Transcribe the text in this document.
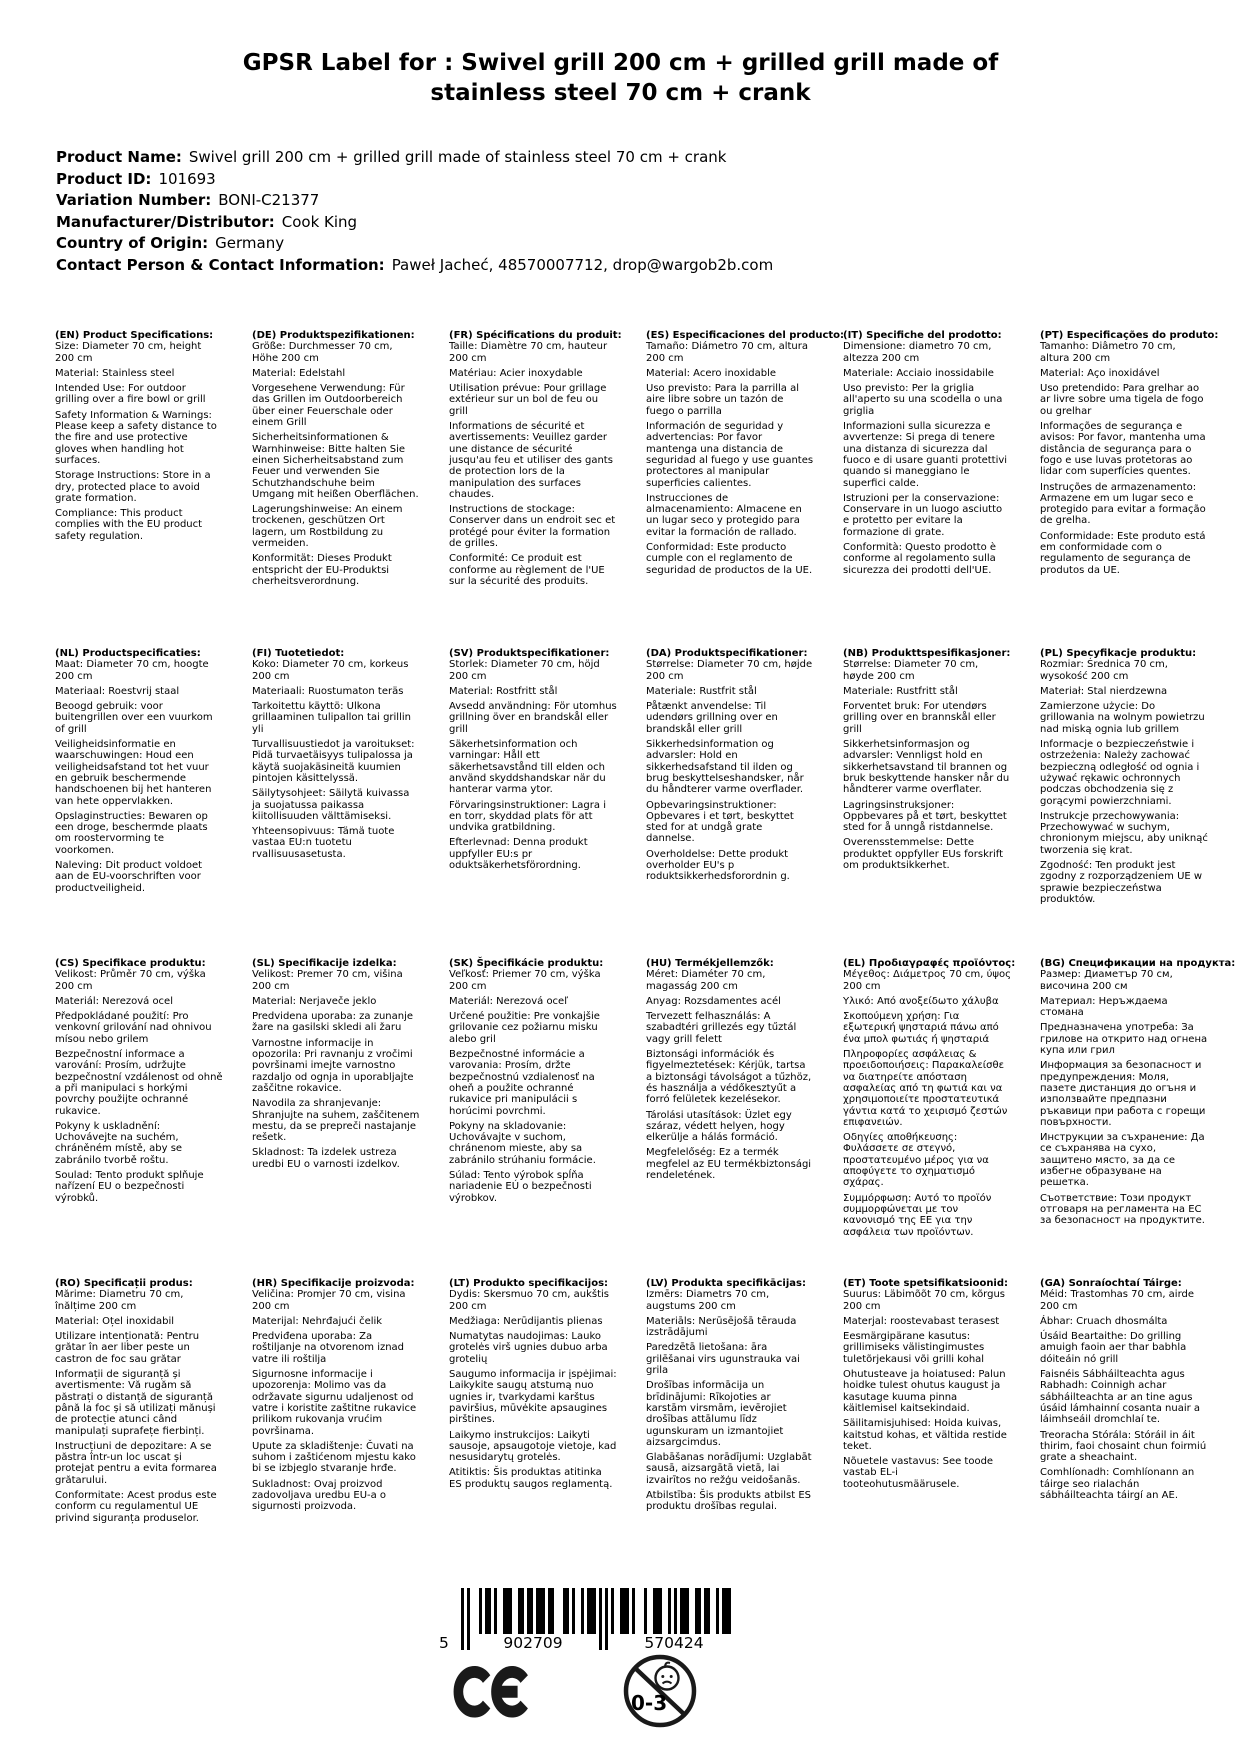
GPSR Label for : Swivel grill 200 cm + grilled grill made of stainless steel 70 cm + crank
Product Name: Swivel grill 200 cm + grilled grill made of stainless steel 70 cm + crank
Product ID: 101693
Variation Number: BONI-C21377
Manufacturer/Distributor: Cook King
Country of Origin: Germany
Contact Person & Contact Information: Paweł Jacheć, 48570007712, drop@wargob2b.com
(EN) Product Specifications:

Size: Diameter 70 cm, height 200 cm

Material: Stainless steel

Intended Use: For outdoor grilling over a fire bowl or grill

Safety Information & Warnings: Please keep a safety distance to the fire and use protective gloves when handling hot surfaces.

Storage Instructions: Store in a dry, protected place to avoid grate formation.

Compliance: This product complies with the EU product safety regulation.

(DE) Produktspezifikationen:

Größe: Durchmesser 70 cm, Höhe 200 cm

Material: Edelstahl

Vorgesehene Verwendung: Für das Grillen im Outdoorbereich über einer Feuerschale oder einem Grill

Sicherheitsinformationen & Warnhinweise: Bitte halten Sie einen Sicherheitsabstand zum Feuer und verwenden Sie Schutzhandschuhe beim Umgang mit heißen Oberflächen.

Lagerungshinweise: An einem trockenen, geschützen Ort lagern, um Rostbildung zu vermeiden.

Konformität: Dieses Produkt entspricht der EU-Produktsi cherheitsverordnung.

(FR) Spécifications du produit:

Taille: Diamètre 70 cm, hauteur 200 cm

Matériau: Acier inoxydable

Utilisation prévue: Pour grillage extérieur sur un bol de feu ou grill

Informations de sécurité et avertissements: Veuillez garder une distance de sécurité jusqu'au feu et utiliser des gants de protection lors de la manipulation des surfaces chaudes.

Instructions de stockage: Conserver dans un endroit sec et protégé pour éviter la formation de grilles.

Conformité: Ce produit est conforme au règlement de l'UE sur la sécurité des produits.

(ES) Especificaciones del producto:

Tamaño: Diámetro 70 cm, altura 200 cm

Material: Acero inoxidable

Uso previsto: Para la parrilla al aire libre sobre un tazón de fuego o parrilla

Información de seguridad y advertencias: Por favor mantenga una distancia de seguridad al fuego y use guantes protectores al manipular superficies calientes.

Instrucciones de almacenamiento: Almacene en un lugar seco y protegido para evitar la formación de rallado.

Conformidad: Este producto cumple con el reglamento de seguridad de productos de la UE.

(IT) Specifiche del prodotto:

Dimensione: diametro 70 cm, altezza 200 cm

Materiale: Acciaio inossidabile

Uso previsto: Per la griglia all'aperto su una scodella o una griglia

Informazioni sulla sicurezza e avvertenze: Si prega di tenere una distanza di sicurezza dal fuoco e di usare guanti protettivi quando si maneggiano le superfici calde.

Istruzioni per la conservazione: Conservare in un luogo asciutto e protetto per evitare la formazione di grate.

Conformità: Questo prodotto è conforme al regolamento sulla sicurezza dei prodotti dell'UE.

(PT) Especificações do produto:

Tamanho: Diâmetro 70 cm, altura 200 cm

Material: Aço inoxidável

Uso pretendido: Para grelhar ao ar livre sobre uma tigela de fogo ou grelhar

Informações de segurança e avisos: Por favor, mantenha uma distância de segurança para o fogo e use luvas protetoras ao lidar com superfícies quentes.

Instruções de armazenamento: Armazene em um lugar seco e protegido para evitar a formação de grelha.

Conformidade: Este produto está em conformidade com o regulamento de segurança de produtos da UE.

(NL) Productspecificaties:

Maat: Diameter 70 cm, hoogte 200 cm

Materiaal: Roestvrij staal

Beoogd gebruik: voor buitengrillen over een vuurkom of grill

Veiligheidsinformatie en waarschuwingen: Houd een veiligheidsafstand tot het vuur en gebruik beschermende handschoenen bij het hanteren van hete oppervlakken.

Opslaginstructies: Bewaren op een droge, beschermde plaats om roostervorming te voorkomen.

Naleving: Dit product voldoet aan de EU-voorschriften voor productveiligheid.

(FI) Tuotetiedot:

Koko: Diameter 70 cm, korkeus 200 cm

Materiaali: Ruostumaton teräs

Tarkoitettu käyttö: Ulkona grillaaminen tulipallon tai grillin yli

Turvallisuustiedot ja varoitukset: Pidä turvaetäisyys tulipalossa ja käytä suojakäsineitä kuumien pintojen käsittelyssä.

Säilytysohjeet: Säilytä kuivassa ja suojatussa paikassa kiitollisuuden välttämiseksi.

Yhteensopivuus: Tämä tuote vastaa EU:n tuotetu rvallisuusasetusta.

(SV) Produktspecifikationer:

Storlek: Diameter 70 cm, höjd 200 cm

Material: Rostfritt stål

Avsedd användning: För utomhus grillning över en brandskål eller grill

Säkerhetsinformation och varningar: Håll ett säkerhetsavstånd till elden och använd skyddshandskar när du hanterar varma ytor.

Förvaringsinstruktioner: Lagra i en torr, skyddad plats för att undvika gratbildning.

Efterlevnad: Denna produkt uppfyller EU:s pr oduktsäkerhetsförordning.

(DA) Produktspecifikationer:

Størrelse: Diameter 70 cm, højde 200 cm

Materiale: Rustfrit stål

Påtænkt anvendelse: Til udendørs grillning over en brandskål eller grill

Sikkerhedsinformation og advarsler: Hold en sikkerhedsafstand til ilden og brug beskyttelseshandsker, når du håndterer varme overflader.

Opbevaringsinstruktioner: Opbevares i et tørt, beskyttet sted for at undgå grate dannelse.

Overholdelse: Dette produkt overholder EU's p roduktsikkerhedsforordnin g.

(NB) Produkttspesifikasjoner:

Størrelse: Diameter 70 cm, høyde 200 cm

Materiale: Rustfritt stål

Forventet bruk: For utendørs grilling over en brannskål eller grill

Sikkerhetsinformasjon og advarsler: Vennligst hold en sikkerhetsavstand til brannen og bruk beskyttende hansker når du håndterer varme overflater.

Lagringsinstruksjoner: Oppbevares på et tørt, beskyttet sted for å unngå ristdannelse.

Overensstemmelse: Dette produktet oppfyller EUs forskrift om produktsikkerhet.

(PL) Specyfikacje produktu:

Rozmiar: Średnica 70 cm, wysokość 200 cm

Materiał: Stal nierdzewna

Zamierzone użycie: Do grillowania na wolnym powietrzu nad miską ognia lub grillem

Informacje o bezpieczeństwie i ostrzeżenia: Należy zachować bezpieczną odległość od ognia i używać rękawic ochronnych podczas obchodzenia się z gorącymi powierzchniami.

Instrukcje przechowywania: Przechowywać w suchym, chronionym miejscu, aby uniknąć tworzenia się krat.

Zgodność: Ten produkt jest zgodny z rozporządzeniem UE w sprawie bezpieczeństwa produktów.

(CS) Specifikace produktu:

Velikost: Průměr 70 cm, výška 200 cm

Materiál: Nerezová ocel

Předpokládané použití: Pro venkovní grilování nad ohnivou mísou nebo grilem

Bezpečnostní informace a varování: Prosím, udržujte bezpečnostní vzdálenost od ohně a při manipulaci s horkými povrchy použijte ochranné rukavice.

Pokyny k uskladnění: Uchovávejte na suchém, chráněném místě, aby se zabránilo tvorbě roštu.

Soulad: Tento produkt splňuje nařízení EU o bezpečnosti výrobků.

(SL) Specifikacije izdelka:

Velikost: Premer 70 cm, višina 200 cm

Material: Nerjaveče jeklo

Predvidena uporaba: za zunanje žare na gasilski skledi ali žaru

Varnostne informacije in opozorila: Pri ravnanju z vročimi površinami imejte varnostno razdaljo od ognja in uporabljajte zaščitne rokavice.

Navodila za shranjevanje: Shranjujte na suhem, zaščitenem mestu, da se prepreči nastajanje rešetk.

Skladnost: Ta izdelek ustreza uredbi EU o varnosti izdelkov.

(SK) Špecifikácie produktu:

Veľkosť: Priemer 70 cm, výška 200 cm

Materiál: Nerezová oceľ

Určené použitie: Pre vonkajšie grilovanie cez požiarnu misku alebo gril

Bezpečnostné informácie a varovania: Prosím, držte bezpečnostnú vzdialenosť na oheň a použite ochranné rukavice pri manipulácii s horúcimi povrchmi.

Pokyny na skladovanie: Uchovávajte v suchom, chránenom mieste, aby sa zabránilo strúhaniu formácie.

Súlad: Tento výrobok spĺňa nariadenie EÚ o bezpečnosti výrobkov.

(HU) Termékjellemzők:

Méret: Diaméter 70 cm, magasság 200 cm

Anyag: Rozsdamentes acél

Tervezett felhasználás: A szabadtéri grillezés egy tűztál vagy grill felett

Biztonsági információk és figyelmeztetések: Kérjük, tartsa a biztonsági távolságot a tűzhöz, és használja a védőkesztyűt a forró felületek kezelésekor.

Tárolási utasítások: Üzlet egy száraz, védett helyen, hogy elkerülje a hálás formáció.

Megfelelőség: Ez a termék megfelel az EU termékbiztonsági rendeletének.

(EL) Προδιαγραφές προϊόντος:

Μέγεθος: Διάμετρος 70 cm, ύψος 200 cm

Υλικό: Από ανοξείδωτο χάλυβα

Σκοπούμενη χρήση: Για εξωτερική ψησταριά πάνω από ένα μπολ φωτιάς ή ψησταριά

Πληροφορίες ασφάλειας & προειδοποιήσεις: Παρακαλείσθε να διατηρείτε απόσταση ασφαλείας από τη φωτιά και να χρησιμοποιείτε προστατευτικά γάντια κατά το χειρισμό ζεστών επιφανειών.

Οδηγίες αποθήκευσης: Φυλάσσετε σε στεγνό, προστατευμένο μέρος για να αποφύγετε το σχηματισμό σχάρας.

Συμμόρφωση: Αυτό το προϊόν συμμορφώνεται με τον κανονισμό της ΕΕ για την ασφάλεια των προϊόντων.

(BG) Спецификации на продукта:

Размер: Диаметър 70 см, височина 200 см

Материал: Неръждаема стомана

Предназначена употреба: За грилове на открито над огнена купа или грил

Информация за безопасност и предупреждения: Моля, пазете дистанция до огъня и използвайте предпазни ръкавици при работа с горещи повърхности.

Инструкции за съхранение: Да се съхранява на сухо, защитено място, за да се избегне образуване на решетка.

Съответствие: Този продукт отговаря на регламента на ЕС за безопасност на продуктите.

(RO) Specificații produs:

Mărime: Diametru 70 cm, înălțime 200 cm

Material: Oțel inoxidabil

Utilizare intenționată: Pentru grătar în aer liber peste un castron de foc sau grătar

Informații de siguranță și avertismente: Vă rugăm să păstrați o distanță de siguranță până la foc și să utilizați mănuși de protecție atunci când manipulați suprafețe fierbinți.

Instrucțiuni de depozitare: A se păstra într-un loc uscat și protejat pentru a evita formarea grătarului.

Conformitate: Acest produs este conform cu regulamentul UE privind siguranța produselor.

(HR) Specifikacije proizvoda:

Veličina: Promjer 70 cm, visina 200 cm

Materijal: Nehrđajući čelik

Predviđena uporaba: Za roštiljanje na otvorenom iznad vatre ili roštilja

Sigurnosne informacije i upozorenja: Molimo vas da održavate sigurnu udaljenost od vatre i koristite zaštitne rukavice prilikom rukovanja vrućim površinama.

Upute za skladištenje: Čuvati na suhom i zaštićenom mjestu kako bi se izbjeglo stvaranje hrđe.

Sukladnost: Ovaj proizvod zadovoljava uredbu EU-a o sigurnosti proizvoda.

(LT) Produkto specifikacijos:

Dydis: Skersmuo 70 cm, aukštis 200 cm

Medžiaga: Nerūdijantis plienas

Numatytas naudojimas: Lauko grotelės virš ugnies dubuo arba grotelių

Saugumo informacija ir įspėjimai: Laikykite saugų atstumą nuo ugnies ir, tvarkydami karštus paviršius, mūvėkite apsaugines pirštines.

Laikymo instrukcijos: Laikyti sausoje, apsaugotoje vietoje, kad nesusidarytų grotelės.

Atitiktis: Šis produktas atitinka ES produktų saugos reglamentą.

(LV) Produkta specifikācijas:

Izmērs: Diametrs 70 cm, augstums 200 cm

Materiāls: Nerūsējošā tērauda izstrādājumi

Paredzētā lietošana: āra grilēšanai virs ugunstrauka vai grila

Drošības informācija un brīdinājumi: Rīkojoties ar karstām virsmām, ievērojiet drošības attālumu līdz ugunskuram un izmantojiet aizsargcimdus.

Glabāšanas norādījumi: Uzglabāt sausā, aizsargātā vietā, lai izvairītos no režģu veidošanās.

Atbilstība: Šis produkts atbilst ES produktu drošības regulai.

(ET) Toote spetsifikatsioonid:

Suurus: Läbimõõt 70 cm, kõrgus 200 cm

Materjal: roostevabast terasest

Eesmärgipärane kasutus: grillimiseks välistingimustes tuletõrjekausi või grilli kohal

Ohutusteave ja hoiatused: Palun hoidke tulest ohutus kaugust ja kasutage kuuma pinna käitlemisel kaitsekindaid.

Säilitamisjuhised: Hoida kuivas, kaitstud kohas, et vältida restide teket.

Nõuetele vastavus: See toode vastab EL-i tooteohutusmäärusele.

(GA) Sonraíochtaí Táirge:

Méid: Trastomhas 70 cm, airde 200 cm

Ábhar: Cruach dhosmálta

Úsáid Beartaithe: Do grilling amuigh faoin aer thar babhla dóiteáin nó grill

Faisnéis Sábháilteachta agus Rabhadh: Coinnigh achar sábháilteachta ar an tine agus úsáid lámhainní cosanta nuair a láimhseáil dromchlaí te.

Treoracha Stórála: Stóráil in áit thirim, faoi chosaint chun foirmiú grate a sheachaint.

Comhlíonadh: Comhlíonann an táirge seo rialachán sábháilteachta táirgí an AE.

5	902709	570424
0-3
